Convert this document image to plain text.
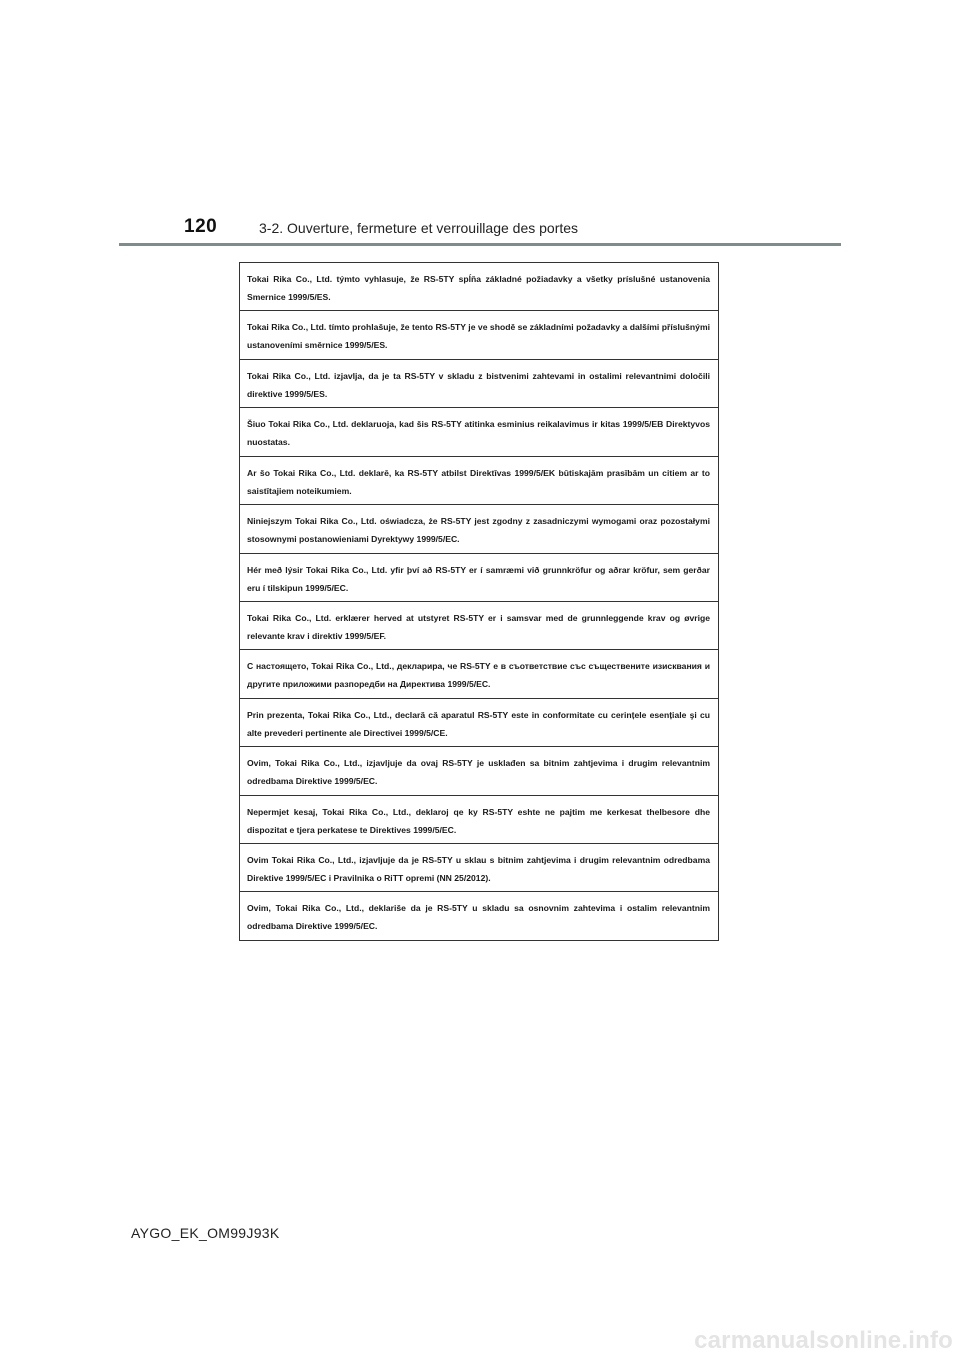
120	3-2. Ouverture, fermeture et verrouillage des portes
Tokai Rika Co., Ltd. týmto vyhlasuje, že RS-5TY spĺňa základné požiadavky a všetky príslušné ustanovenia Smernice 1999/5/ES.
Tokai Rika Co., Ltd. tímto prohlašuje, že tento RS-5TY je ve shodě se základními požadavky a dalšími příslušnými ustanoveními směrnice 1999/5/ES.
Tokai Rika Co., Ltd. izjavlja, da je ta RS-5TY v skladu z bistvenimi zahtevami in ostalimi relevantnimi določili direktive 1999/5/ES.
Šiuo Tokai Rika Co., Ltd. deklaruoja, kad šis RS-5TY atitinka esminius reikalavimus ir kitas 1999/5/EB Direktyvos nuostatas.
Ar šo Tokai Rika Co., Ltd. deklarē, ka RS-5TY atbilst Direktīvas 1999/5/EK būtiskajām prasībām un citiem ar to saistītajiem noteikumiem.
Niniejszym Tokai Rika Co., Ltd. oświadcza, że RS-5TY jest zgodny z zasadniczymi wymogami oraz pozostałymi stosownymi postanowieniami Dyrektywy 1999/5/EC.
Hér með lýsir Tokai Rika Co., Ltd. yfir því að RS-5TY er í samræmi við grunnkröfur og aðrar kröfur, sem gerðar eru í tilskipun 1999/5/EC.
Tokai Rika Co., Ltd. erklærer herved at utstyret RS-5TY er i samsvar med de grunnleggende krav og øvrige relevante krav i direktiv 1999/5/EF.
С настоящето, Tokai Rika Co., Ltd., декларира, че RS-5TY е в съответствие със съществените изисквания и другите приложими разпоредби на Директива 1999/5/EC.
Prin prezenta, Tokai Rika Co., Ltd., declară că aparatul RS-5TY este in conformitate cu cerințele esențiale şi cu alte prevederi pertinente ale Directivei 1999/5/CE.
Ovim, Tokai Rika Co., Ltd., izjavljuje da ovaj RS-5TY je usklađen sa bitnim zahtjevima i drugim relevantnim odredbama Direktive 1999/5/EC.
Nepermjet kesaj, Tokai Rika Co., Ltd., deklaroj qe ky RS-5TY eshte ne pajtim me kerkesat thelbesore dhe dispozitat e tjera perkatese te Direktives 1999/5/EC.
Ovim Tokai Rika Co., Ltd., izjavljuje da je RS-5TY u sklau s bitnim zahtjevima i drugim relevantnim odredbama Direktive 1999/5/EC i Pravilnika o RiTT opremi (NN 25/2012).
Ovim, Tokai Rika Co., Ltd., deklariše da je RS-5TY u skladu sa osnovnim zahtevima i ostalim relevantnim odredbama Direktive 1999/5/EC.
AYGO_EK_OM99J93K
carmanualsonline.info
